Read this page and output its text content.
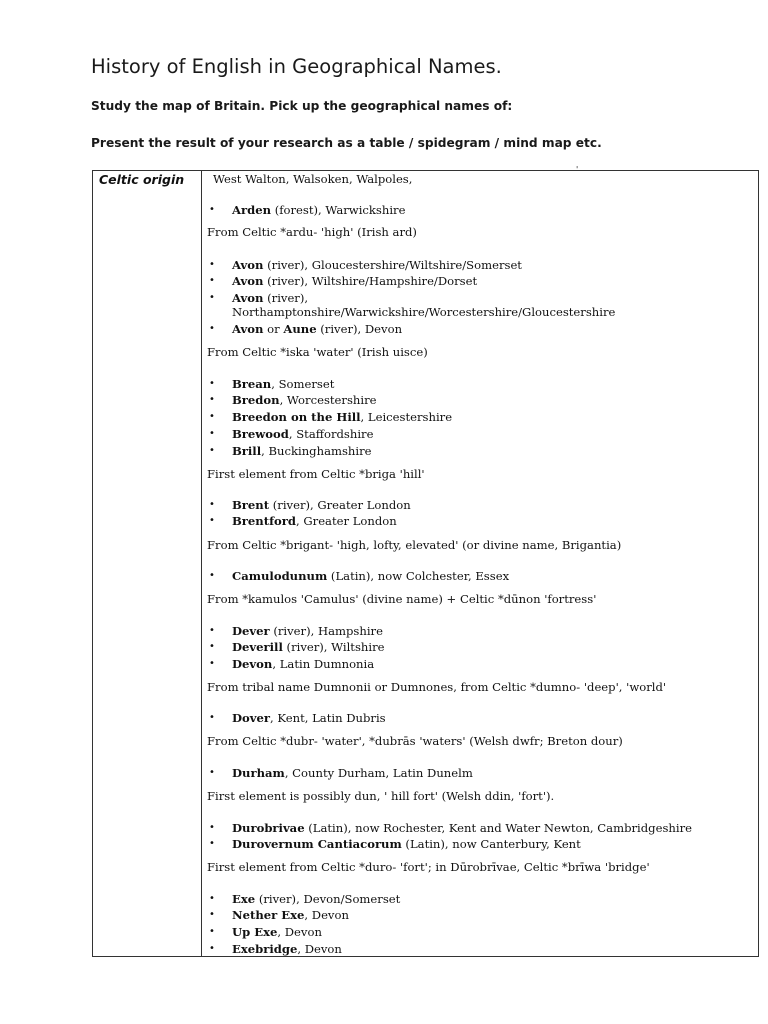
History of English in Geographical Names.
Study the map of Britain. Pick up the geographical names of:
Present the result of your research as a table / spidegram / mind map etc.
Celtic origin
'
West Walton, Walsoken, Walpoles,
Arden (forest), Warwickshire
From Celtic *ardu- 'high' (Irish ard)
Avon (river), Gloucestershire/Wiltshire/Somerset
Avon (river), Wiltshire/Hampshire/Dorset
Avon (river),
Northamptonshire/Warwickshire/Worcestershire/Gloucestershire
Avon or Aune (river), Devon
From Celtic *iska 'water' (Irish uisce)
Brean, Somerset
Bredon, Worcestershire
Breedon on the Hill, Leicestershire
Brewood, Staffordshire
Brill, Buckinghamshire
First element from Celtic *briga 'hill'
Brent (river), Greater London
Brentford, Greater London
From Celtic *brigant- 'high, lofty, elevated' (or divine name, Brigantia)
Camulodunum (Latin), now Colchester, Essex
From *kamulos 'Camulus' (divine name) + Celtic *dūnon 'fortress'
Dever (river), Hampshire
Deverill (river), Wiltshire
Devon, Latin Dumnonia
From tribal name Dumnonii or Dumnones, from Celtic *dumno- 'deep', 'world'
Dover, Kent, Latin Dubris
From Celtic *dubr- 'water', *dubrās 'waters' (Welsh dwfr; Breton dour)
Durham, County Durham, Latin Dunelm
First element is possibly dun, ' hill fort' (Welsh ddin, 'fort').
Durobrivae (Latin), now Rochester, Kent and Water Newton, Cambridgeshire
Durovernum Cantiacorum (Latin), now Canterbury, Kent
First element from Celtic *duro- 'fort'; in Dūrobrīvae, Celtic *brīwa 'bridge'
Exe (river), Devon/Somerset
Nether Exe, Devon
Up Exe, Devon
Exebridge, Devon
